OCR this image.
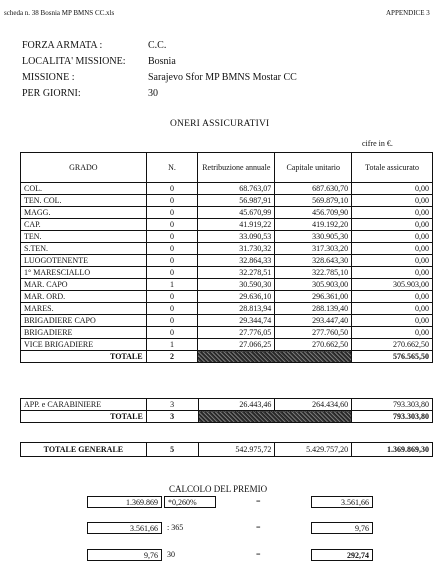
scheda n. 38 Bosnia MP BMNS CC.xls	APPENDICE 3
FORZA ARMATA :	C.C.
LOCALITA' MISSIONE:	Bosnia
MISSIONE :	Sarajevo Sfor MP BMNS Mostar CC
PER GIORNI:	30
ONERI ASSICURATIVI
cifre in €.
GRADO	N.	Retribuzione annuale	Capitale unitario	Totale assicurato
COL.	0	68.763,07	687.630,70	0,00
TEN. COL.	0	56.987,91	569.879,10	0,00
MAGG.	0	45.670,99	456.709,90	0,00
CAP.	0	41.919,22	419.192,20	0,00
TEN.	0	33.090,53	330.905,30	0,00
S.TEN.	0	31.730,32	317.303,20	0,00
LUOGOTENENTE	0	32.864,33	328.643,30	0,00
1° MARESCIALLO	0	32.278,51	322.785,10	0,00
MAR. CAPO	1	30.590,30	305.903,00	305.903,00
MAR. ORD.	0	29.636,10	296.361,00	0,00
MARES.	0	28.813,94	288.139,40	0,00
BRIGADIERE CAPO	0	29.344,74	293.447,40	0,00
BRIGADIERE	0	27.776,05	277.760,50	0,00
VICE BRIGADIERE	1	27.066,25	270.662,50	270.662,50
TOTALE	2			576.565,50
APP. e CARABINIERE	3	26.443,46	264.434,60	793.303,80
TOTALE	3			793.303,80
TOTALE GENERALE	5	542.975,72	5.429.757,20	1.369.869,30
CALCOLO DEL PREMIO
1.369.869	*0,260%	=	3.561,66
3.561,66	: 365	=	9,76
9,76	30	=	292,74
